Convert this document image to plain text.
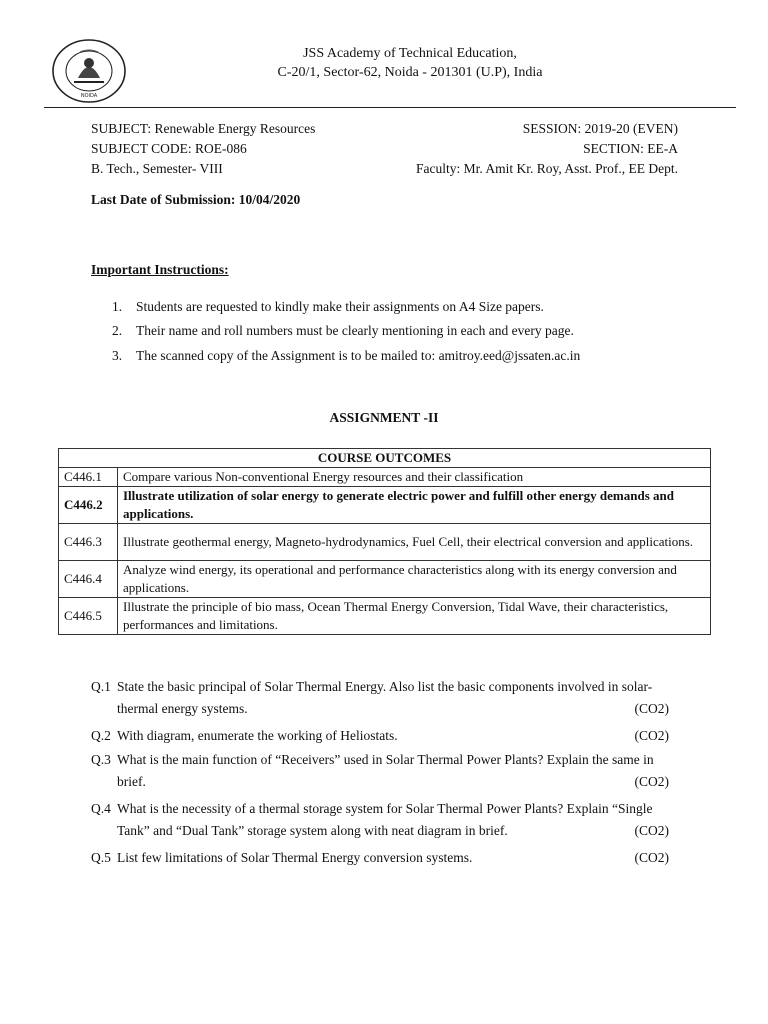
NOIDA
JSS Academy of Technical Education,
C-20/1, Sector-62, Noida - 201301 (U.P), India
SUBJECT: Renewable Energy Resources	SESSION: 2019-20 (EVEN)
SUBJECT CODE: ROE-086	SECTION: EE-A
B. Tech., Semester- VIII	Faculty: Mr. Amit Kr. Roy, Asst. Prof., EE Dept.
Last Date of Submission: 10/04/2020
Important Instructions:
1.	Students are requested to kindly make their assignments on A4 Size papers.
2.	Their name and roll numbers must be clearly mentioning in each and every page.
3.	The scanned copy of the Assignment is to be mailed to: amitroy.eed@jssaten.ac.in
ASSIGNMENT -II
COURSE OUTCOMES	
C446.1	Compare various Non-conventional Energy resources and their classification
C446.2	Illustrate utilization of solar energy to generate electric power and fulfill other energy demands and applications.
C446.3	Illustrate geothermal energy, Magneto-hydrodynamics, Fuel Cell, their electrical conversion and applications.
C446.4	Analyze wind energy, its operational and performance characteristics along with its energy conversion and applications.
C446.5	Illustrate the principle of bio mass, Ocean Thermal Energy Conversion, Tidal Wave, their characteristics, performances and limitations.
Q.1 State the basic principal of Solar Thermal Energy. Also list the basic components involved in solar-
thermal energy systems.	(CO2)
Q.2 With diagram, enumerate the working of Heliostats.	(CO2)
Q.3 What is the main function of “Receivers” used in Solar Thermal Power Plants? Explain the same in
brief.	(CO2)
Q.4 What is the necessity of a thermal storage system for Solar Thermal Power Plants? Explain “Single
Tank” and “Dual Tank” storage system along with neat diagram in brief.	(CO2)
Q.5 List few limitations of Solar Thermal Energy conversion systems.	(CO2)
